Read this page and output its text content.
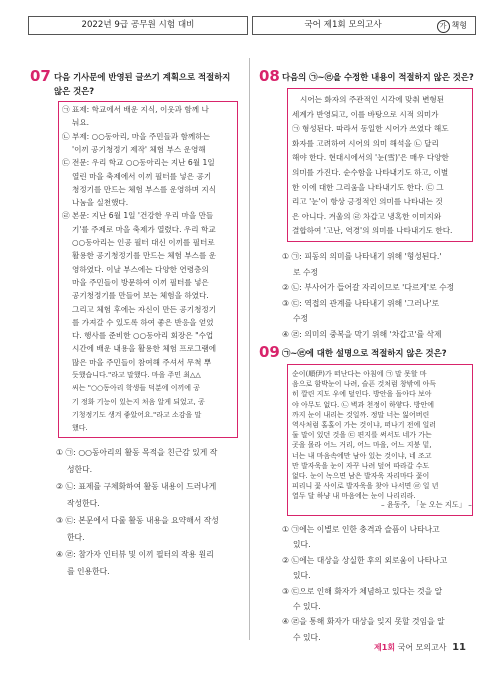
2022년 9급 공무원 시험 대비	국어 제1회 모의고사	가 책형
07 다음 기사문에 반영된 글쓰기 계획으로 적절하지
않은 것은?
① ㉠: ○○동아리의 활동 목적을 친근감 있게 작
성한다.
② ㉡: 표제를 구체화하여 활동 내용이 드러나게
작성한다.
③ ㉢: 본문에서 다룰 활동 내용을 요약해서 작성
한다.
④ ㉣: 참가자 인터뷰 및 이끼 필터의 작용 원리
를 인용한다.
08 다음의 ㉠~㉣을 수정한 내용이 적절하지 않은 것은?
시어는 화자의 주관적인 시각에 맞춰 변형된
세계가 반영되고, 이를 바탕으로 시적 의미가
㉠ 형성된다. 따라서 동일한 시어가 쓰였다 해도
화자를 고려하여 시어의 의미 해석을 ㉡ 달리
해야 한다. 현대시에서의 '눈(雪)'은 매우 다양한
의미를 가진다. 순수함을 나타내기도 하고, 이별
한 이에 대한 그리움을 나타내기도 한다. ㉢ 그
리고 '눈'이 항상 긍정적인 의미를 나타내는 것
은 아니다. 겨울의 ㉣ 차갑고 냉혹한 이미지와
결합하여 '고난, 역경'의 의미를 나타내기도 한다.
① ㉠: 피동의 의미를 나타내기 위해 '형성된다.'
로 수정
② ㉡: 부사어가 들어갈 자리이므로 '다르게'로 수정
③ ㉢: 역접의 관계를 나타내기 위해 '그러나'로
수정
④ ㉣: 의미의 중복을 막기 위해 '차갑고'를 삭제
09 ㉠~㉣에 대한 설명으로 적절하지 않은 것은?
순이(順伊)가 떠난다는 아침에 ㉠ 말 못할 마
음으로 함박눈이 나려, 슬픈 것처럼 창밖에 아득
히 깔린 지도 우에 덮인다. 방안을 돌아다 보아
야 아무도 없다. ㉡ 벽과 천정이 하얗다. 방안에
까지 눈이 내리는 것일까. 정말 너는 잃어버린
역사처럼 홀홀이 가는 것이냐, 떠나기 전에 일러
둘 말이 있던 것을 ㉢ 편지를 써서도 네가 가는
곳을 몰라 어느 거리, 어느 마을, 어느 지붕 밑,
너는 내 마음속에만 남아 있는 것이냐, 네 조고
만 발자욱을 눈이 자꾸 나려 덮여 따라갈 수도
없다. 눈이 녹으면 남은 발자욱 자리마다 꽃이
피리니 꽃 사이로 발자욱을 찾아 나서면 ㉣ 일 년
열두 달 하냥 내 마음에는 눈이 나리리라.
– 윤동주, 「눈 오는 지도」 –
① ㉠에는 이별로 인한 충격과 슬픔이 나타나고
있다.
② ㉡에는 대상을 상실한 후의 외로움이 나타나고
있다.
③ ㉢으로 인해 화자가 체념하고 있다는 것을 알
수 있다.
④ ㉣을 통해 화자가 대상을 잊지 못할 것임을 알
수 있다.
제1회 국어 모의고사 11
㉠ 표제: 학교에서 배운 지식, 이웃과 함께 나
눠요.
㉡ 부제: ○○동아리, 마을 주민들과 함께하는
'이끼 공기청정기 제작' 체험 부스 운영해
㉢ 전문: 우리 학교 ○○동아리는 지난 6월 1일
열린 마을 축제에서 이끼 필터를 넣은 공기
청정기를 만드는 체험 부스를 운영하며 지식
나눔을 실천했다.
㉣ 본문: 지난 6월 1일 '건강한 우리 마을 만들
기'를 주제로 마을 축제가 열렸다. 우리 학교
○○동아리는 인공 필터 대신 이끼를 필터로
활용한 공기청정기를 만드는 체험 부스를 운
영하였다. 이날 부스에는 다양한 연령층의
마을 주민들이 방문하여 이끼 필터를 넣은
공기청정기를 만들어 보는 체험을 하였다.
그리고 체험 후에는 자신이 만든 공기청정기
를 가져갈 수 있도록 하여 좋은 반응을 얻었
다. 행사를 준비한 ○○동아리 회장은 "수업
시간에 배운 내용을 활용한 체험 프로그램에
많은 마을 주민들이 참여해 주셔서 무척 뿌
듯했습니다."라고 말했다. 마을 주민 최△△
씨는 "○○동아리 학생들 덕분에 이끼에 공
기 정화 기능이 있는지 처음 알게 되었고, 공
기청정기도 생겨 좋았어요."라고 소감을 말
했다.
